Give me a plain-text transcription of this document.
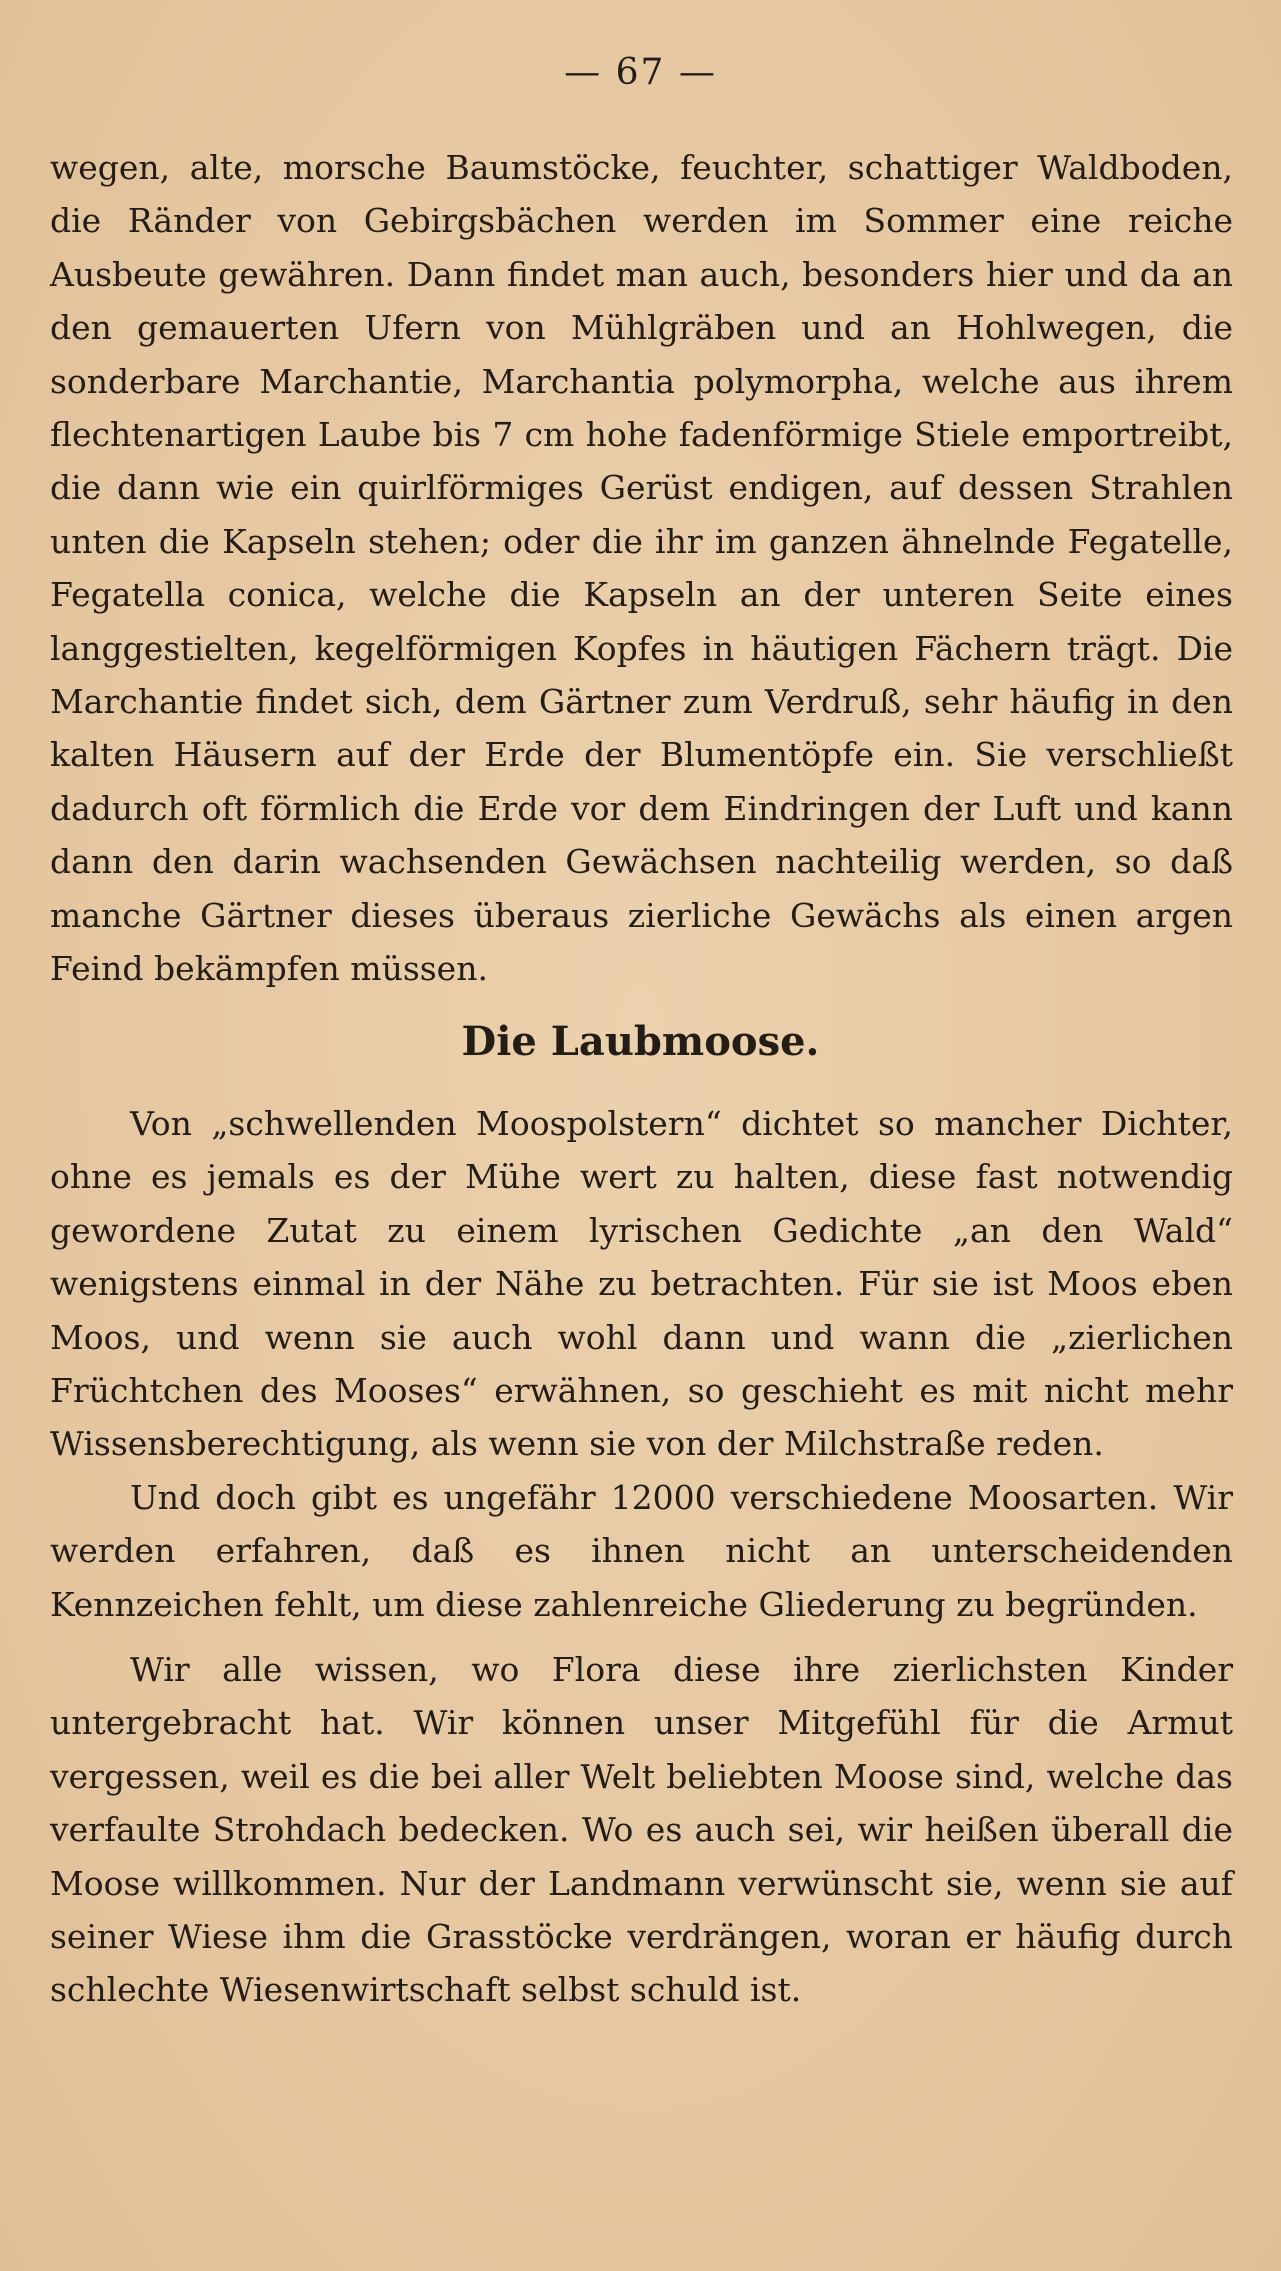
— 67 —

wegen, alte, morsche Baumstöcke, feuchter, schattiger Waldboden, die Ränder von Gebirgsbächen werden im Sommer eine reiche Ausbeute gewähren. Dann findet man auch, besonders hier und da an den gemauerten Ufern von Mühlgräben und an Hohlwegen, die sonderbare Marchantie, Marchantia polymorpha, welche aus ihrem flechtenartigen Laube bis 7 cm hohe fadenförmige Stiele emportreibt, die dann wie ein quirlförmiges Gerüst endigen, auf dessen Strahlen unten die Kapseln stehen; oder die ihr im ganzen ähnelnde Fegatelle, Fegatella conica, welche die Kapseln an der unteren Seite eines langgestielten, kegelförmigen Kopfes in häutigen Fächern trägt. Die Marchantie findet sich, dem Gärtner zum Verdruß, sehr häufig in den kalten Häusern auf der Erde der Blumentöpfe ein. Sie verschließt dadurch oft förmlich die Erde vor dem Eindringen der Luft und kann dann den darin wachsenden Gewächsen nachteilig werden, so daß manche Gärtner dieses überaus zierliche Gewächs als einen argen Feind bekämpfen müssen.

Die Laubmoose.

Von „schwellenden Moospolstern“ dichtet so mancher Dichter, ohne es jemals es der Mühe wert zu halten, diese fast notwendig gewordene Zutat zu einem lyrischen Gedichte „an den Wald“ wenigstens einmal in der Nähe zu betrachten. Für sie ist Moos eben Moos, und wenn sie auch wohl dann und wann die „zierlichen Früchtchen des Mooses“ erwähnen, so geschieht es mit nicht mehr Wissensberechtigung, als wenn sie von der Milchstraße reden.

Und doch gibt es ungefähr 12000 verschiedene Moosarten. Wir werden erfahren, daß es ihnen nicht an unterscheidenden Kennzeichen fehlt, um diese zahlenreiche Gliederung zu begründen.

Wir alle wissen, wo Flora diese ihre zierlichsten Kinder untergebracht hat. Wir können unser Mitgefühl für die Armut vergessen, weil es die bei aller Welt beliebten Moose sind, welche das verfaulte Strohdach bedecken. Wo es auch sei, wir heißen überall die Moose willkommen. Nur der Landmann verwünscht sie, wenn sie auf seiner Wiese ihm die Grasstöcke verdrängen, woran er häufig durch schlechte Wiesenwirtschaft selbst schuld ist.
